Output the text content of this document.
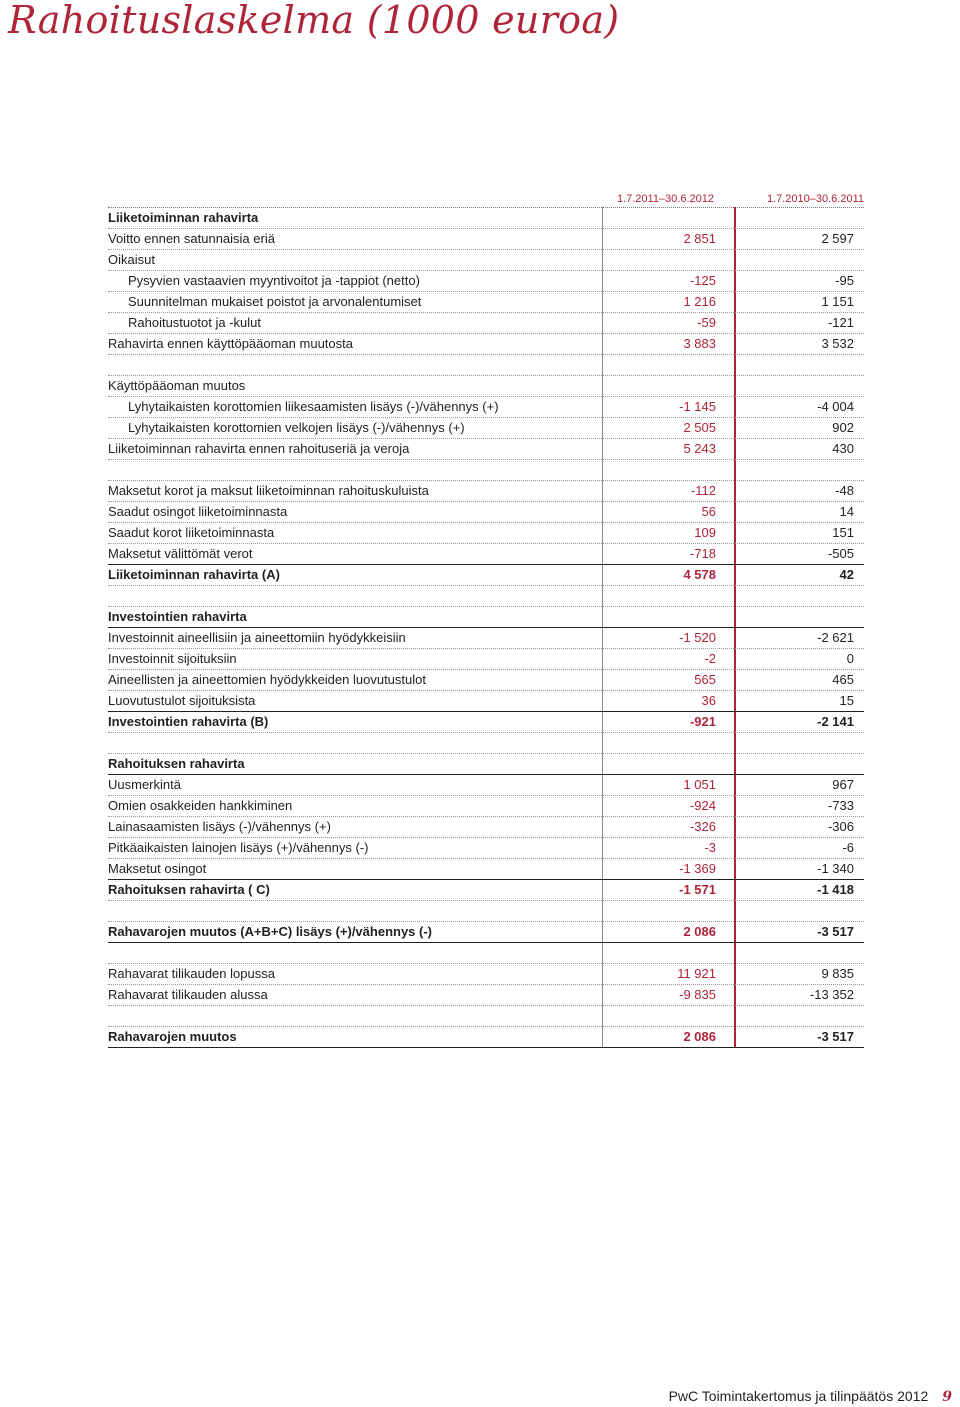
Rahoituslaskelma (1000 euroa)
1.7.2011–30.6.2012	1.7.2010–30.6.2011
Liiketoiminnan rahavirta
Voitto ennen satunnaisia eriä	2 851	2 597
Oikaisut
Pysyvien vastaavien myyntivoitot ja -tappiot (netto)	-125	-95
Suunnitelman mukaiset poistot ja arvonalentumiset	1 216	1 151
Rahoitustuotot ja -kulut	-59	-121
Rahavirta ennen käyttöpääoman muutosta	3 883	3 532
Käyttöpääoman muutos
Lyhytaikaisten korottomien liikesaamisten lisäys (-)/vähennys (+)	-1 145	-4 004
Lyhytaikaisten korottomien velkojen lisäys (-)/vähennys (+)	2 505	902
Liiketoiminnan rahavirta ennen rahoituseriä ja veroja	5 243	430
Maksetut korot ja maksut liiketoiminnan rahoituskuluista	-112	-48
Saadut osingot liiketoiminnasta	56	14
Saadut korot liiketoiminnasta	109	151
Maksetut välittömät verot	-718	-505
Liiketoiminnan rahavirta (A)	4 578	42
Investointien rahavirta
Investoinnit aineellisiin ja aineettomiin hyödykkeisiin	-1 520	-2 621
Investoinnit sijoituksiin	-2	0
Aineellisten ja aineettomien hyödykkeiden luovutustulot	565	465
Luovutustulot sijoituksista	36	15
Investointien rahavirta (B)	-921	-2 141
Rahoituksen rahavirta
Uusmerkintä	1 051	967
Omien osakkeiden hankkiminen	-924	-733
Lainasaamisten lisäys (-)/vähennys (+)	-326	-306
Pitkäaikaisten lainojen lisäys (+)/vähennys (-)	-3	-6
Maksetut osingot	-1 369	-1 340
Rahoituksen rahavirta ( C)	-1 571	-1 418
Rahavarojen muutos (A+B+C) lisäys (+)/vähennys (-)	2 086	-3 517
Rahavarat tilikauden lopussa	11 921	9 835
Rahavarat tilikauden alussa	-9 835	-13 352
Rahavarojen muutos	2 086	-3 517
PwC Toimintakertomus ja tilinpäätös 2012 9
